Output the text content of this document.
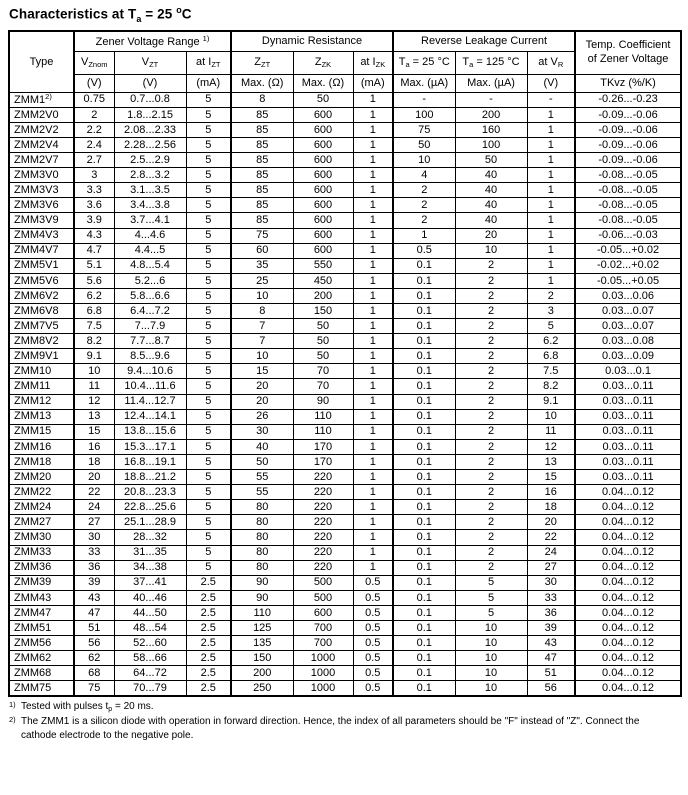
Characteristics at $T_a = 25$ $^o$C
Type	Zener Voltage Range $^{1)}$			Dynamic Resistance			Reverse Leakage Current			Temp. Coefficient
of Zener Voltage
	$V_{Znom}$	$V_{ZT}$	at $I_{ZT}$	$Z_{ZT}$	$Z_{ZK}$	at $I_{ZK}$	$T_a = 25$ °C	$T_a = 125$ °C	at $V_R$
	(V)	(V)	(mA)	Max. (Ω)	Max. (Ω)	(mA)	Max. (µA)	Max. (µA)	(V)	TKvz (%/K)
ZMM1$^{2)}$	0.75	0.7...0.8	5	8	50	1	-	-	-	-0.26...-0.23
ZMM2V0	2	1.8...2.15	5	85	600	1	100	200	1	-0.09...-0.06
ZMM2V2	2.2	2.08...2.33	5	85	600	1	75	160	1	-0.09...-0.06
ZMM2V4	2.4	2.28...2.56	5	85	600	1	50	100	1	-0.09...-0.06
ZMM2V7	2.7	2.5...2.9	5	85	600	1	10	50	1	-0.09...-0.06
ZMM3V0	3	2.8...3.2	5	85	600	1	4	40	1	-0.08...-0.05
ZMM3V3	3.3	3.1...3.5	5	85	600	1	2	40	1	-0.08...-0.05
ZMM3V6	3.6	3.4...3.8	5	85	600	1	2	40	1	-0.08...-0.05
ZMM3V9	3.9	3.7...4.1	5	85	600	1	2	40	1	-0.08...-0.05
ZMM4V3	4.3	4...4.6	5	75	600	1	1	20	1	-0.06...-0.03
ZMM4V7	4.7	4.4...5	5	60	600	1	0.5	10	1	-0.05...+0.02
ZMM5V1	5.1	4.8...5.4	5	35	550	1	0.1	2	1	-0.02...+0.02
ZMM5V6	5.6	5.2...6	5	25	450	1	0.1	2	1	-0.05...+0.05
ZMM6V2	6.2	5.8...6.6	5	10	200	1	0.1	2	2	0.03...0.06
ZMM6V8	6.8	6.4...7.2	5	8	150	1	0.1	2	3	0.03...0.07
ZMM7V5	7.5	7...7.9	5	7	50	1	0.1	2	5	0.03...0.07
ZMM8V2	8.2	7.7...8.7	5	7	50	1	0.1	2	6.2	0.03...0.08
ZMM9V1	9.1	8.5...9.6	5	10	50	1	0.1	2	6.8	0.03...0.09
ZMM10	10	9.4...10.6	5	15	70	1	0.1	2	7.5	0.03...0.1
ZMM11	11	10.4...11.6	5	20	70	1	0.1	2	8.2	0.03...0.11
ZMM12	12	11.4...12.7	5	20	90	1	0.1	2	9.1	0.03...0.11
ZMM13	13	12.4...14.1	5	26	110	1	0.1	2	10	0.03...0.11
ZMM15	15	13.8...15.6	5	30	110	1	0.1	2	11	0.03...0.11
ZMM16	16	15.3...17.1	5	40	170	1	0.1	2	12	0.03...0.11
ZMM18	18	16.8...19.1	5	50	170	1	0.1	2	13	0.03...0.11
ZMM20	20	18.8...21.2	5	55	220	1	0.1	2	15	0.03...0.11
ZMM22	22	20.8...23.3	5	55	220	1	0.1	2	16	0.04...0.12
ZMM24	24	22.8...25.6	5	80	220	1	0.1	2	18	0.04...0.12
ZMM27	27	25.1...28.9	5	80	220	1	0.1	2	20	0.04...0.12
ZMM30	30	28...32	5	80	220	1	0.1	2	22	0.04...0.12
ZMM33	33	31...35	5	80	220	1	0.1	2	24	0.04...0.12
ZMM36	36	34...38	5	80	220	1	0.1	2	27	0.04...0.12
ZMM39	39	37...41	2.5	90	500	0.5	0.1	5	30	0.04...0.12
ZMM43	43	40...46	2.5	90	500	0.5	0.1	5	33	0.04...0.12
ZMM47	47	44...50	2.5	110	600	0.5	0.1	5	36	0.04...0.12
ZMM51	51	48...54	2.5	125	700	0.5	0.1	10	39	0.04...0.12
ZMM56	56	52...60	2.5	135	700	0.5	0.1	10	43	0.04...0.12
ZMM62	62	58...66	2.5	150	1000	0.5	0.1	10	47	0.04...0.12
ZMM68	68	64...72	2.5	200	1000	0.5	0.1	10	51	0.04...0.12
ZMM75	75	70...79	2.5	250	1000	0.5	0.1	10	56	0.04...0.12
1) Tested with pulses $t_p = 20$ ms.
2) The ZMM1 is a silicon diode with operation in forward direction. Hence, the index of all parameters should be "F" instead of "Z". Connect the cathode electrode to the negative pole.
